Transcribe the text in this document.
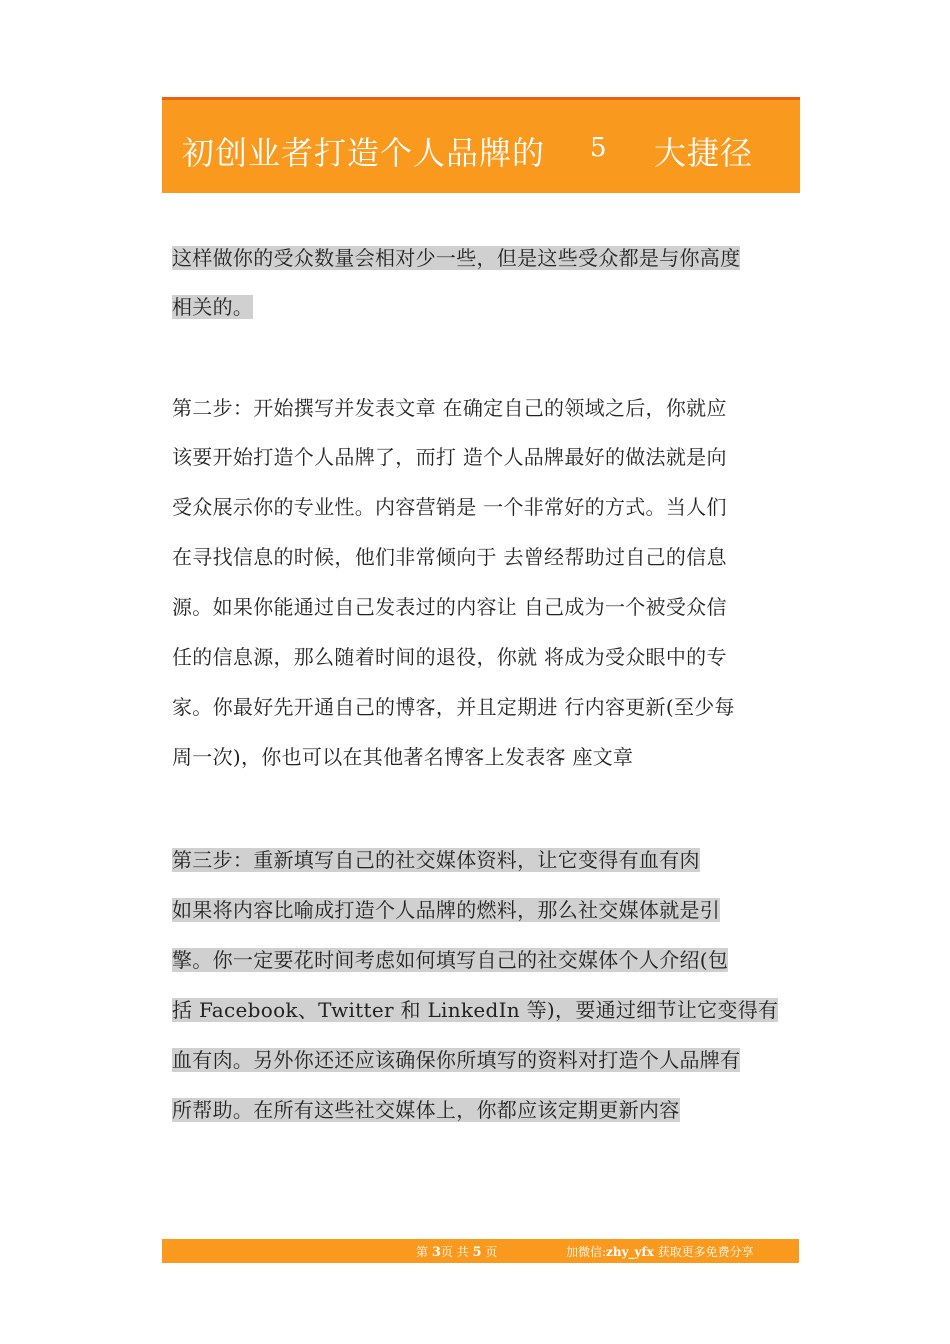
初创业者打造个人品牌的 5 大捷径
这样做你的受众数量会相对少一些，但是这些受众都是与你高度
相关的。
第二步：开始撰写并发表文章 在确定自己的领域之后，你就应
该要开始打造个人品牌了，而打 造个人品牌最好的做法就是向
受众展示你的专业性。内容营销是 一个非常好的方式。当人们
在寻找信息的时候，他们非常倾向于 去曾经帮助过自己的信息
源。如果你能通过自己发表过的内容让 自己成为一个被受众信
任的信息源，那么随着时间的退役，你就 将成为受众眼中的专
家。你最好先开通自己的博客，并且定期进 行内容更新(至少每
周一次)，你也可以在其他著名博客上发表客 座文章
第三步：重新填写自己的社交媒体资料，让它变得有血有肉
如果将内容比喻成打造个人品牌的燃料，那么社交媒体就是引
擎。你一定要花时间考虑如何填写自己的社交媒体个人介绍(包
括 Facebook、Twitter 和 LinkedIn 等)，要通过细节让它变得有
血有肉。另外你还还应该确保你所填写的资料对打造个人品牌有
所帮助。在所有这些社交媒体上，你都应该定期更新内容
第 3页 共 5 页	加微信:zhy_yfx 获取更多免费分享
